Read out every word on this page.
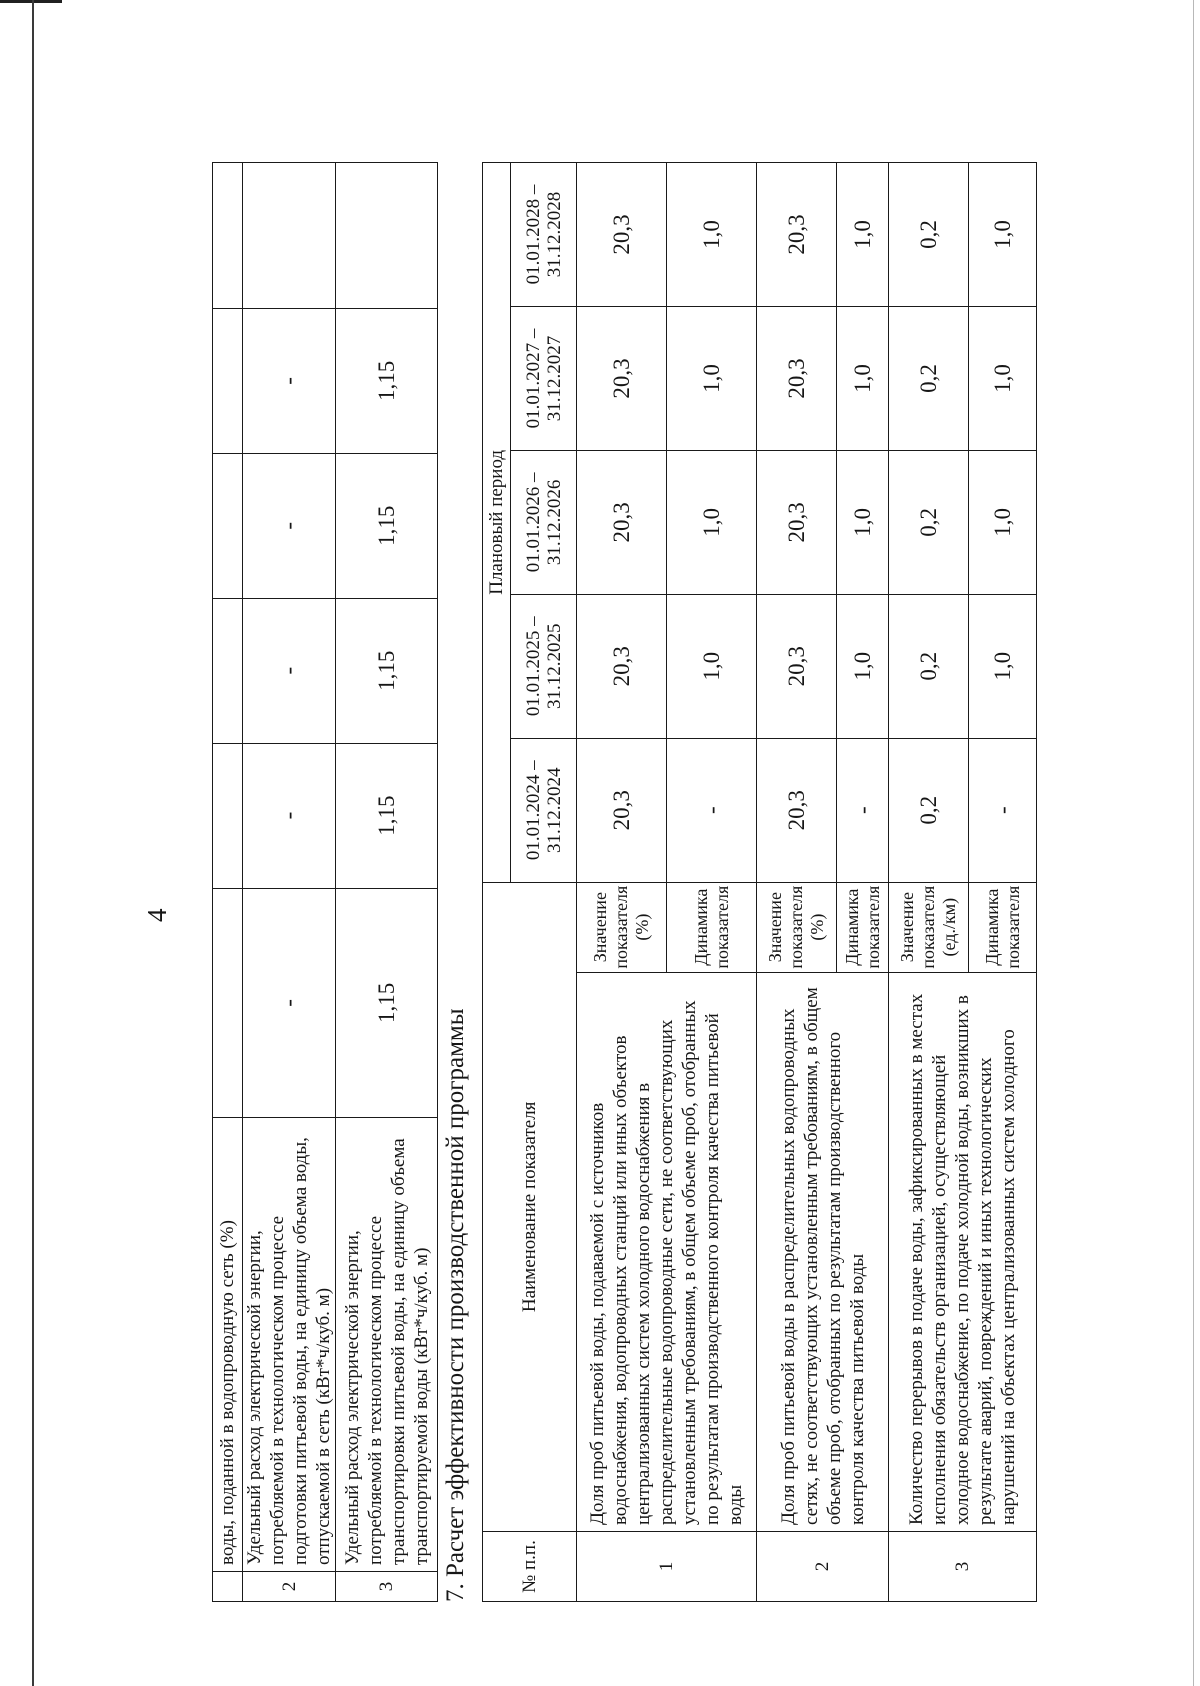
4
	воды, поданной в водопроводную сеть (%)						
2	Удельный расход электрической энергии, потребляемой в технологическом процессе подготовки питьевой воды, на единицу объема воды, отпускаемой в сеть (кВт*ч/куб. м)	-	-	-	-	-	
3	Удельный расход электрической энергии, потребляемой в технологическом процессе транспортировки питьевой воды, на единицу объема транспортируемой воды (кВт*ч/куб. м)	1,15	1,15	1,15	1,15	1,15	
7. Расчет эффективности производственной программы	№ п.п.	Наименование показателя		Плановый период				
			01.01.2024 – 31.12.2024	01.01.2025 – 31.12.2025	01.01.2026 – 31.12.2026	01.01.2027 – 31.12.2027	01.01.2028 – 31.12.2028
1	Доля проб питьевой воды, подаваемой с источников водоснабжения, водопроводных станций или иных объектов централизованных систем холодного водоснабжения в распределительные водопроводные сети, не соответствующих установленным требованиям, в общем объеме проб, отобранных по результатам производственного контроля качества питьевой воды	Значение показателя (%)	20,3	20,3	20,3	20,3	20,3
		Динамика показателя	-	1,0	1,0	1,0	1,0
2	Доля проб питьевой воды в распределительных водопроводных сетях, не соответствующих установленным требованиям, в общем объеме проб, отобранных по результатам производственного контроля качества питьевой воды	Значение показателя (%)	20,3	20,3	20,3	20,3	20,3
		Динамика показателя	-	1,0	1,0	1,0	1,0
3	Количество перерывов в подаче воды, зафиксированных в местах исполнения обязательств организацией, осуществляющей холодное водоснабжение, по подаче холодной воды, возникших в результате аварий, повреждений и иных технологических нарушений на объектах централизованных систем холодного	Значение показателя (ед./км)	0,2	0,2	0,2	0,2	0,2
		Динамика показателя	-	1,0	1,0	1,0	1,0
